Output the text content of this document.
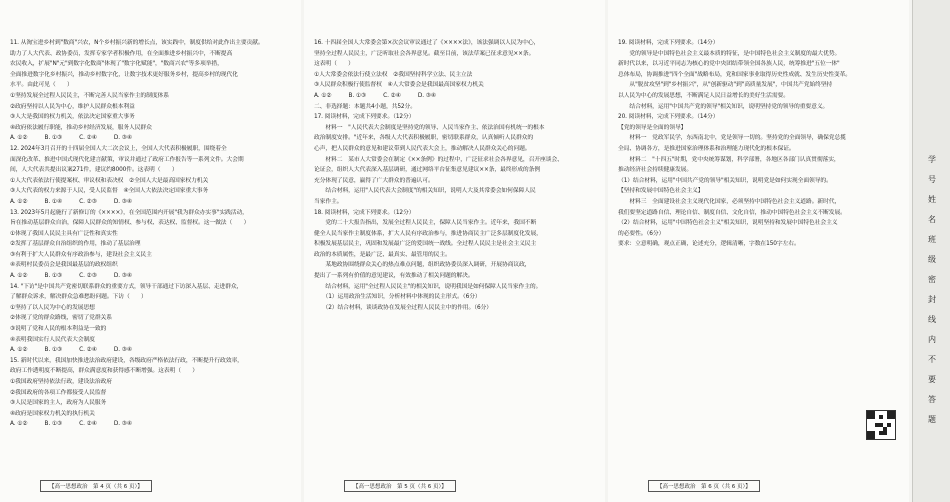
11. 从淘宝进乡村到"数商"兴农，N个乡村振兴新的增长点，该实践中，制度供给对此作出主要贡献。
助力了人大代表、政协委员，发挥专家学者积极作用，在全面推进乡村振兴中，不断提高
农民收入，扩展"N"元"到数字化数商"体现了"数字化赋能"，"数商兴农"等多项举措，
全面推进数字化乡村振兴，推动乡村数字化，让数字技术更好服务乡村，提高乡村的现代化
水平。由此可见（　　）
①坚持发展全过程人民民主，不断完善人民当家作主的制度体系
②政府坚持以人民为中心，维护人民群众根本利益
③人大是我国的权力机关，依法决定国家重大事务
④政府依法履行职能，推动乡村经济发展，服务人民群众
A. ①②　　　B. ①③　　　C. ②④　　　D. ③④
12. 2024年3月召开的十四届全国人大二次会议上，全国人大代表积极履职，围绕着全
面深化改革、推进中国式现代化建言献策，审议并通过了政府工作报告等一系列文件。大会期
间，人大代表共提出议案271件，建议约8000件。这表明（　　）
①人大代表依法行使提案权、审议权和表决权　②全国人大是最高国家权力机关
③人大代表的权力来源于人民，受人民监督　④全国人大依法决定国家重大事务
A. ①②　　　B. ①④　　　C. ②③　　　D. ③④
13. 2023年5月起施行了新修订的《××××》，在全国范围内开展"我为群众办实事"实践活动，
旨在推动基层群众自治，保障人民群众的知情权、参与权、表达权、监督权。这一做法（　　）
①体现了我国人民民主具有广泛性和真实性
②发挥了基层群众自治组织的作用，推动了基层治理
③有利于扩大人民群众有序政治参与，建设社会主义民主
④表明村民委员会是我国最基层的政权组织
A. ①②　　　B. ①③　　　C. ②③　　　D. ③④
14. "下访"是中国共产党密切联系群众的重要方式，领导干部通过下访深入基层、走进群众，
了解群众诉求，解决群众急难愁盼问题。下访（　　）
①坚持了以人民为中心的发展思想
②体现了党的群众路线，密切了党群关系
③说明了党和人民的根本利益是一致的
④表明我国实行人民代表大会制度
A. ①②　　　B. ①③　　　C. ②④　　　D. ③④
15. 新时代以来，我国加快推进法治政府建设，各级政府严格依法行政，不断提升行政效率，
政府工作透明度不断提高，群众满意度和获得感不断增强。这表明（　　）
①我国政府坚持依法行政，建设法治政府
②我国政府的各项工作都接受人民监督
③人民是国家的主人，政府为人民服务
④政府是国家权力机关的执行机关
A. ①②　　　B. ①③　　　C. ②④　　　D. ③④
【高一思想政治　第 4 页（共 6 页）】
16. 十四届全国人大常委会第×次会议审议通过了《××××法》，该法强调以人民为中心，
坚持全过程人民民主，广泛听取社会各界意见。截至目前，该法草案已征求意见××条。
这表明（　　）
①人大常委会依法行使立法权　②我国坚持科学立法、民主立法
③人民群众积极行使监督权　④人大常委会是我国最高国家权力机关
A. ①②　　　B. ①③　　　C. ②④　　　D. ③④
二、非选择题：本题共4小题，共52分。
17. 阅读材料，完成下列要求。（12分）
　　材料一　"人民代表大会制度是坚持党的领导、人民当家作主、依法治国有机统一的根本
政治制度安排。"近年来，各级人大代表积极履职，密切联系群众，认真倾听人民群众的
心声，把人民群众的意见和建议带到人民代表大会上，推动解决人民群众关心的问题。
　　材料二　某市人大常委会在制定《××条例》的过程中，广泛征求社会各界意见，召开座谈会、
论证会，组织人大代表深入基层调研，通过网络平台征集意见建议××条，最终形成的条例
充分体现了民意，赢得了广大群众的普遍认可。
　　结合材料，运用"人民代表大会制度"的相关知识，说明人大及其常委会如何保障人民
当家作主。
18. 阅读材料，完成下列要求。（12分）
　　党的二十大报告指出，发展全过程人民民主，保障人民当家作主。近年来，我国不断
健全人民当家作主制度体系，扩大人民有序政治参与，推进协商民主广泛多层制度化发展，
积极发展基层民主，巩固和发展最广泛的爱国统一战线。全过程人民民主是社会主义民主
政治的本质属性，是最广泛、最真实、最管用的民主。
　　某地政协围绕群众关心的热点难点问题，组织政协委员深入调研，开展协商议政，
提出了一系列有价值的意见建议，有效推动了相关问题的解决。
　　结合材料，运用"全过程人民民主"的相关知识，说明我国是如何保障人民当家作主的。
　　（1）运用政治生活知识，分析材料中体现的民主形式。（6分）
　　（2）结合材料，谈谈政协在发展全过程人民民主中的作用。（6分）
【高一思想政治　第 5 页（共 6 页）】
19. 阅读材料，完成下列要求。（14分）
　　党的领导是中国特色社会主义最本质的特征，是中国特色社会主义制度的最大优势。
新时代以来，以习近平同志为核心的党中央团结带领全国各族人民，统筹推进"五位一体"
总体布局，协调推进"四个全面"战略布局，党和国家事业取得历史性成就、发生历史性变革。
　　从"脱贫攻坚"到"乡村振兴"，从"创新驱动"到"高质量发展"，中国共产党始终坚持
以人民为中心的发展思想，不断满足人民日益增长的美好生活需要。
　　结合材料，运用"中国共产党的领导"相关知识，说明坚持党的领导的重要意义。
20. 阅读材料，完成下列要求。（14分）
【党的领导是全面的领导】
　　材料一　党政军民学，东西南北中，党是领导一切的。坚持党的全面领导，确保党总揽
全局、协调各方，是推进国家治理体系和治理能力现代化的根本保证。
　　材料二　"十四五"时期，党中央统筹谋划，科学部署，各地区各部门认真贯彻落实，
推动经济社会持续健康发展。
（1）结合材料，运用"中国共产党的领导"相关知识，说明党是如何实现全面领导的。
【坚持和发展中国特色社会主义】
　　材料三　全面建设社会主义现代化国家，必须坚持中国特色社会主义道路。新时代，
我们要坚定道路自信、理论自信、制度自信、文化自信，推动中国特色社会主义不断发展。
（2）结合材料，运用"中国特色社会主义"相关知识，说明坚持和发展中国特色社会主义
的必要性。（6分）
要求：立意明确，观点正确，论述充分，逻辑清晰，字数在150字左右。
【高一思想政治　第 6 页（共 6 页）】
学号 姓名 班级 密封线内不要答题
